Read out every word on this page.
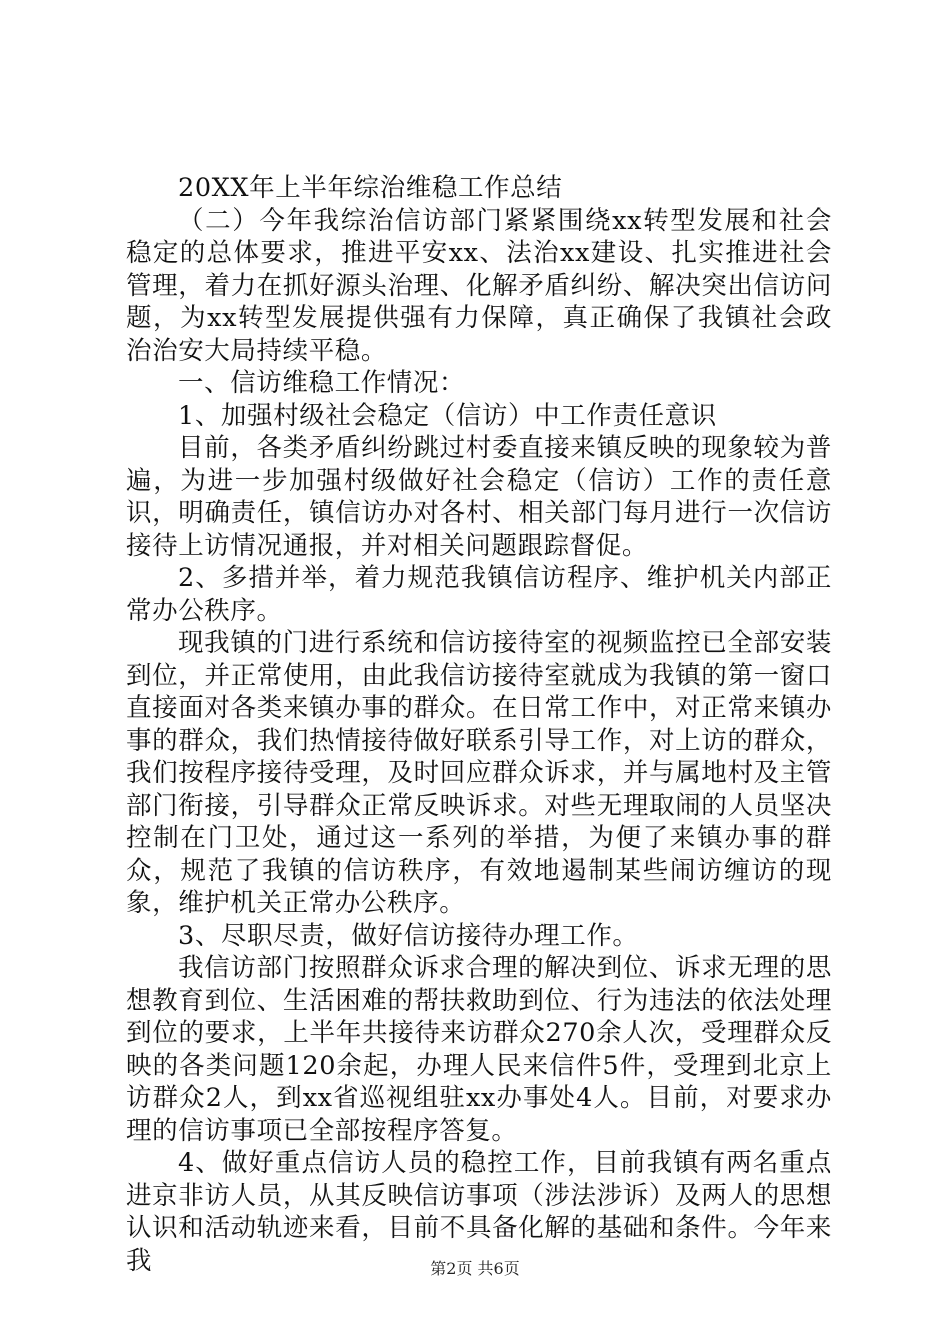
20XX年上半年综治维稳工作总结

（二）今年我综治信访部门紧紧围绕xx转型发展和社会稳定的总体要求，推进平安xx、法治xx建设、扎实推进社会管理，着力在抓好源头治理、化解矛盾纠纷、解决突出信访问题，为xx转型发展提供强有力保障，真正确保了我镇社会政治治安大局持续平稳。

一、信访维稳工作情况：

1、加强村级社会稳定（信访）中工作责任意识

目前，各类矛盾纠纷跳过村委直接来镇反映的现象较为普遍，为进一步加强村级做好社会稳定（信访）工作的责任意识，明确责任，镇信访办对各村、相关部门每月进行一次信访接待上访情况通报，并对相关问题跟踪督促。

2、多措并举，着力规范我镇信访程序、维护机关内部正常办公秩序。

现我镇的门进行系统和信访接待室的视频监控已全部安装到位，并正常使用，由此我信访接待室就成为我镇的第一窗口直接面对各类来镇办事的群众。在日常工作中，对正常来镇办事的群众，我们热情接待做好联系引导工作，对上访的群众，我们按程序接待受理，及时回应群众诉求，并与属地村及主管部门衔接，引导群众正常反映诉求。对些无理取闹的人员坚决控制在门卫处，通过这一系列的举措，为便了来镇办事的群众，规范了我镇的信访秩序，有效地遏制某些闹访缠访的现象，维护机关正常办公秩序。

3、尽职尽责，做好信访接待办理工作。

我信访部门按照群众诉求合理的解决到位、诉求无理的思想教育到位、生活困难的帮扶救助到位、行为违法的依法处理到位的要求，上半年共接待来访群众270余人次，受理群众反映的各类问题120余起，办理人民来信件5件，受理到北京上访群众2人，到xx省巡视组驻xx办事处4人。目前，对要求办理的信访事项已全部按程序答复。

4、做好重点信访人员的稳控工作，目前我镇有两名重点进京非访人员，从其反映信访事项（涉法涉诉）及两人的思想认识和活动轨迹来看，目前不具备化解的基础和条件。今年来我	第2页 共6页
